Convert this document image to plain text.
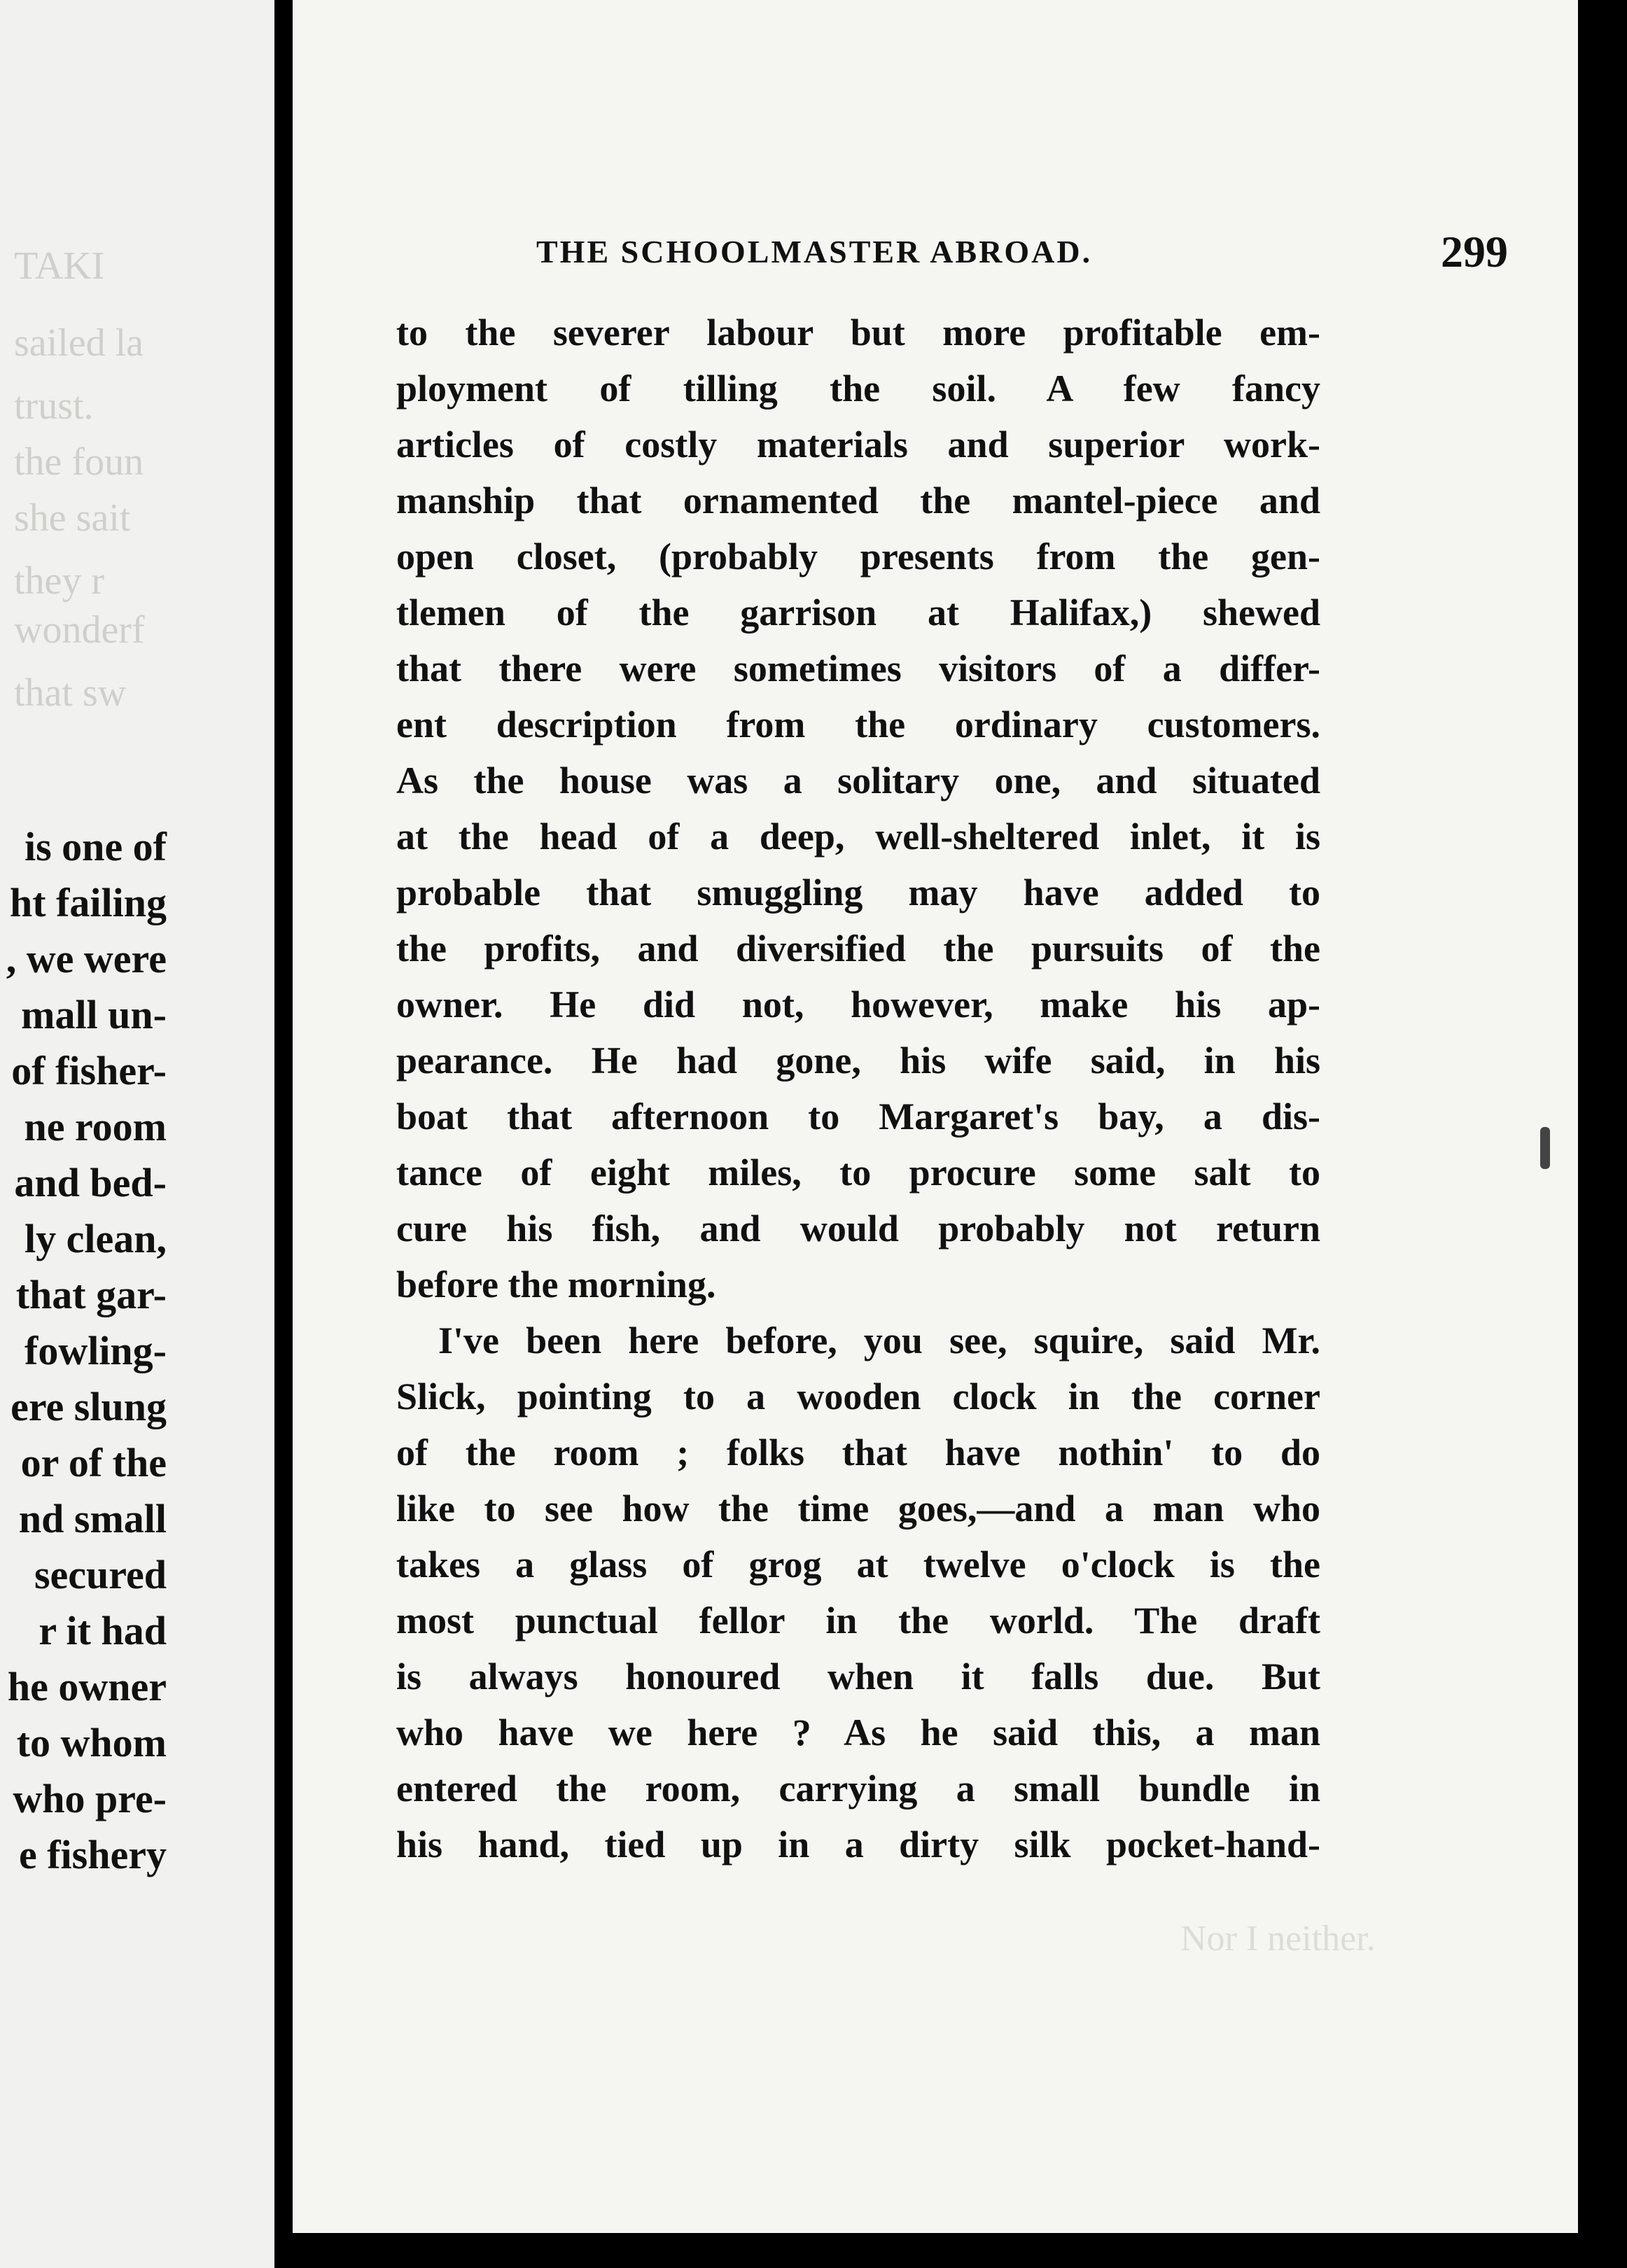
TAKI
sailed la
trust.
the foun
she sait
they r
wonderf
that sw
is one of
ht failing
, we were
mall un-
of fisher-
ne room
and bed-
ly clean,
that gar-
fowling-
ere slung
or of the
nd small
secured
r it had
he owner
to whom
who pre-
e fishery
Nor I neither.
THE SCHOOLMASTER ABROAD.	299
to the severer labour but more profitable em-
ployment of tilling the soil. A few fancy
articles of costly materials and superior work-
manship that ornamented the mantel-piece and
open closet, (probably presents from the gen-
tlemen of the garrison at Halifax,) shewed
that there were sometimes visitors of a differ-
ent description from the ordinary customers.
As the house was a solitary one, and situated
at the head of a deep, well-sheltered inlet, it is
probable that smuggling may have added to
the profits, and diversified the pursuits of the
owner. He did not, however, make his ap-
pearance. He had gone, his wife said, in his
boat that afternoon to Margaret's bay, a dis-
tance of eight miles, to procure some salt to
cure his fish, and would probably not return
before the morning.
I've been here before, you see, squire, said Mr.
Slick, pointing to a wooden clock in the corner
of the room ; folks that have nothin' to do
like to see how the time goes,—and a man who
takes a glass of grog at twelve o'clock is the
most punctual fellor in the world. The draft
is always honoured when it falls due. But
who have we here ? As he said this, a man
entered the room, carrying a small bundle in
his hand, tied up in a dirty silk pocket-hand-
